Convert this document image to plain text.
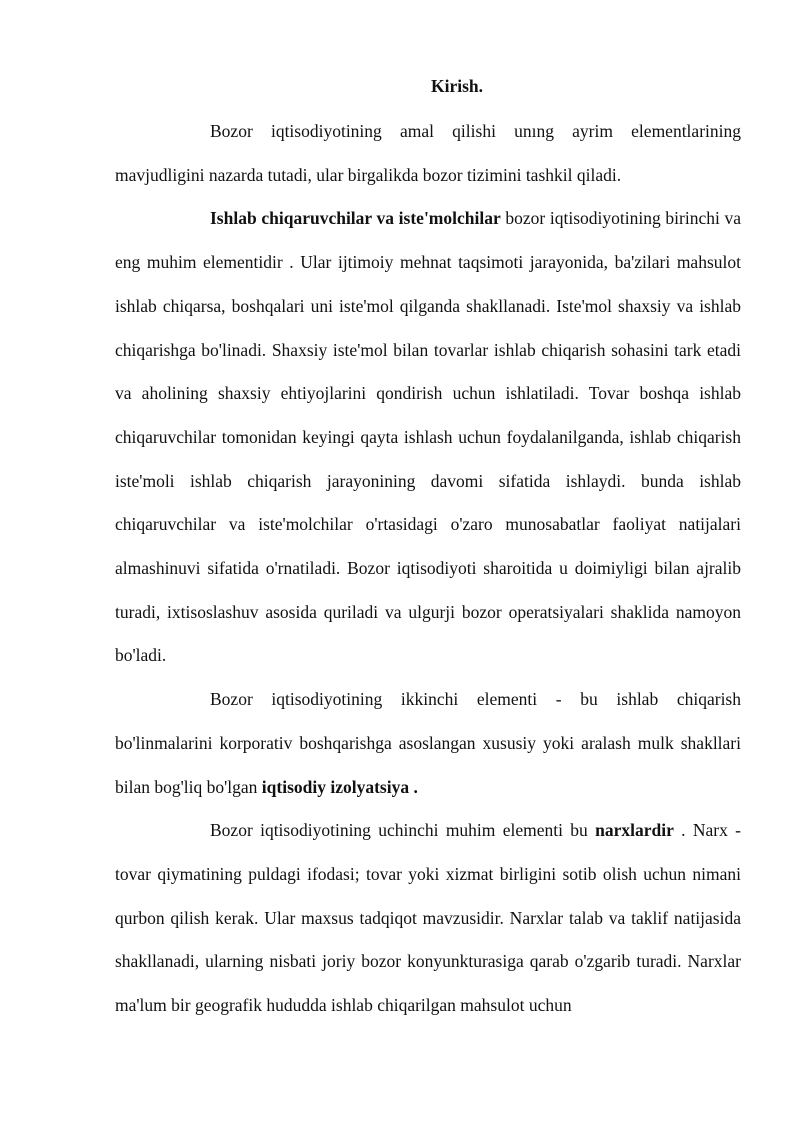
Kirish.

Bozor iqtisodiyotining amal qilishi unıng ayrim elementlarining mavjudligini nazarda tutadi, ular birgalikda bozor tizimini tashkil qiladi.

Ishlab chiqaruvchilar va iste'molchilar bozor iqtisodiyotining birinchi va eng muhim elementidir . Ular ijtimoiy mehnat taqsimoti jarayonida, ba'zilari mahsulot ishlab chiqarsa, boshqalari uni iste'mol qilganda shakllanadi. Iste'mol shaxsiy va ishlab chiqarishga bo'linadi. Shaxsiy iste'mol bilan tovarlar ishlab chiqarish sohasini tark etadi va aholining shaxsiy ehtiyojlarini qondirish uchun ishlatiladi. Tovar boshqa ishlab chiqaruvchilar tomonidan keyingi qayta ishlash uchun foydalanilganda, ishlab chiqarish iste'moli ishlab chiqarish jarayonining davomi sifatida ishlaydi. bunda ishlab chiqaruvchilar va iste'molchilar o'rtasidagi o'zaro munosabatlar faoliyat natijalari almashinuvi sifatida o'rnatiladi. Bozor iqtisodiyoti sharoitida u doimiyligi bilan ajralib turadi, ixtisoslashuv asosida quriladi va ulgurji bozor operatsiyalari shaklida namoyon bo'ladi.

Bozor iqtisodiyotining ikkinchi elementi - bu ishlab chiqarish bo'linmalarini korporativ boshqarishga asoslangan xususiy yoki aralash mulk shakllari bilan bog'liq bo'lgan iqtisodiy izolyatsiya .

Bozor iqtisodiyotining uchinchi muhim elementi bu narxlardir . Narx - tovar qiymatining puldagi ifodasi; tovar yoki xizmat birligini sotib olish uchun nimani qurbon qilish kerak. Ular maxsus tadqiqot mavzusidir. Narxlar talab va taklif natijasida shakllanadi, ularning nisbati joriy bozor konyunkturasiga qarab o'zgarib turadi. Narxlar ma'lum bir geografik hududda ishlab chiqarilgan mahsulot uchun
